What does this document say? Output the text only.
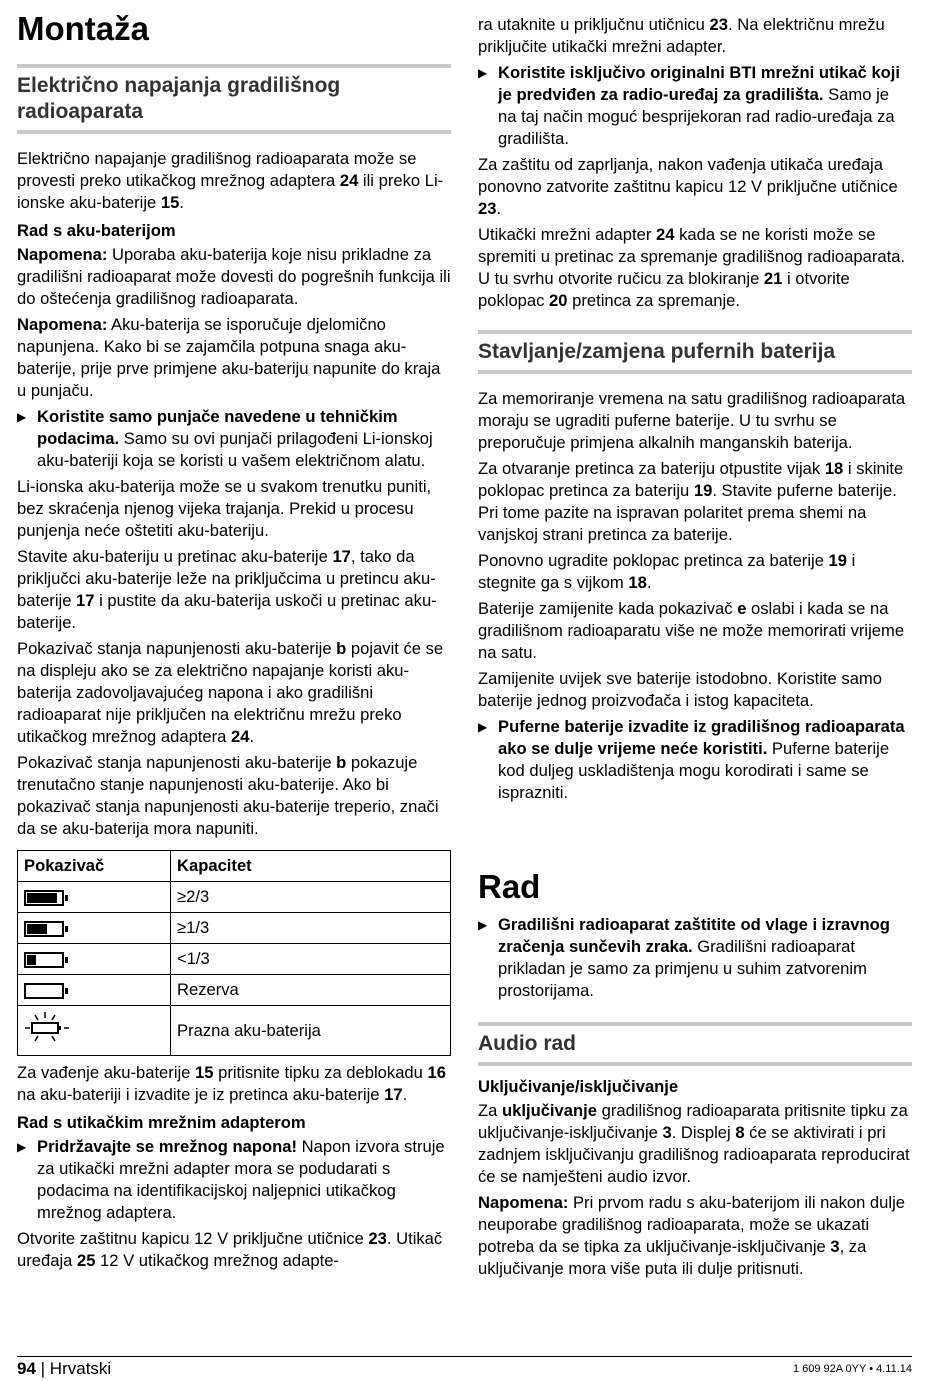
Montaža
Električno napajanja gradilišnog radioaparata

Električno napajanje gradilišnog radioaparata može se provesti preko utikačkog mrežnog adaptera 24 ili preko Li-ionske aku-baterije 15.

Rad s aku-baterijom

Napomena: Uporaba aku-baterija koje nisu prikladne za gradilišni radioaparat može dovesti do pogrešnih funkcija ili do oštećenja gradilišnog radioaparata.

Napomena: Aku-baterija se isporučuje djelomično napunjena. Kako bi se zajamčila potpuna snaga aku-baterije, prije prve primjene aku-bateriju napunite do kraja u punjaču.

▶ Koristite samo punjače navedene u tehničkim podacima. Samo su ovi punjači prilagođeni Li-ionskoj aku-bateriji koja se koristi u vašem električnom alatu.

Li-ionska aku-baterija može se u svakom trenutku puniti, bez skraćenja njenog vijeka trajanja. Prekid u procesu punjenja neće oštetiti aku-bateriju.

Stavite aku-bateriju u pretinac aku-baterije 17, tako da priključci aku-baterije leže na priključcima u pretincu aku-baterije 17 i pustite da aku-baterija uskoči u pretinac aku-baterije.

Pokazivač stanja napunjenosti aku-baterije b pojavit će se na displeju ako se za električno napajanje koristi aku-baterija zadovoljavajućeg napona i ako gradilišni radioaparat nije priključen na električnu mrežu preko utikačkog mrežnog adaptera 24.

Pokazivač stanja napunjenosti aku-baterije b pokazuje trenutačno stanje napunjenosti aku-baterije. Ako bi pokazivač stanja napunjenosti aku-baterije treperio, znači da se aku-baterija mora napuniti.

Pokazivač	Kapacitet

	≥2/3

	≥1/3

	<1/3
	Rezerva
	Prazna aku-baterija

Za vađenje aku-baterije 15 pritisnite tipku za deblokadu 16 na aku-bateriji i izvadite je iz pretinca aku-baterije 17.

Rad s utikačkim mrežnim adapterom
▶ Pridržavajte se mrežnog napona! Napon izvora struje za utikački mrežni adapter mora se podudarati s podacima na identifikacijskoj naljepnici utikačkog mrežnog adaptera.

Otvorite zaštitnu kapicu 12 V priključne utičnice 23. Utikač uređaja 25 12 V utikačkog mrežnog adapte-

ra utaknite u priključnu utičnicu 23. Na električnu mrežu priključite utikački mrežni adapter.

▶ Koristite isključivo originalni BTI mrežni utikač koji je predviđen za radio-uređaj za gradilišta. Samo je na taj način moguć besprijekoran rad radio-uređaja za gradilišta.

Za zaštitu od zaprljanja, nakon vađenja utikača uređaja ponovno zatvorite zaštitnu kapicu 12 V priključne utičnice 23.

Utikački mrežni adapter 24 kada se ne koristi može se spremiti u pretinac za spremanje gradilišnog radioaparata. U tu svrhu otvorite ručicu za blokiranje 21 i otvorite poklopac 20 pretinca za spremanje.

Stavljanje/zamjena pufernih baterija

Za memoriranje vremena na satu gradilišnog radioaparata moraju se ugraditi puferne baterije. U tu svrhu se preporučuje primjena alkalnih manganskih baterija.

Za otvaranje pretinca za bateriju otpustite vijak 18 i skinite poklopac pretinca za bateriju 19. Stavite puferne baterije. Pri tome pazite na ispravan polaritet prema shemi na vanjskoj strani pretinca za baterije.

Ponovno ugradite poklopac pretinca za baterije 19 i stegnite ga s vijkom 18.

Baterije zamijenite kada pokazivač e oslabi i kada se na gradilišnom radioaparatu više ne može memorirati vrijeme na satu.

Zamijenite uvijek sve baterije istodobno. Koristite samo baterije jednog proizvođača i istog kapaciteta.

▶ Puferne baterije izvadite iz gradilišnog radioaparata ako se dulje vrijeme neće koristiti. Puferne baterije kod duljeg uskladištenja mogu korodirati i same se isprazniti.
Rad
▶ Gradilišni radioaparat zaštitite od vlage i izravnog zračenja sunčevih zraka. Gradilišni radioaparat prikladan je samo za primjenu u suhim zatvorenim prostorijama.
Audio rad
Uključivanje/isključivanje

Za uključivanje gradilišnog radioaparata pritisnite tipku za uključivanje-isključivanje 3. Displej 8 će se aktivirati i pri zadnjem isključivanju gradilišnog radioaparata reproducirat će se namješteni audio izvor.

Napomena: Pri prvom radu s aku-baterijom ili nakon dulje neuporabe gradilišnog radioaparata, može se ukazati potreba da se tipka za uključivanje-isključivanje 3, za uključivanje mora više puta ili dulje pritisnuti.

94 | Hrvatski	1 609 92A 0YY • 4.11.14
